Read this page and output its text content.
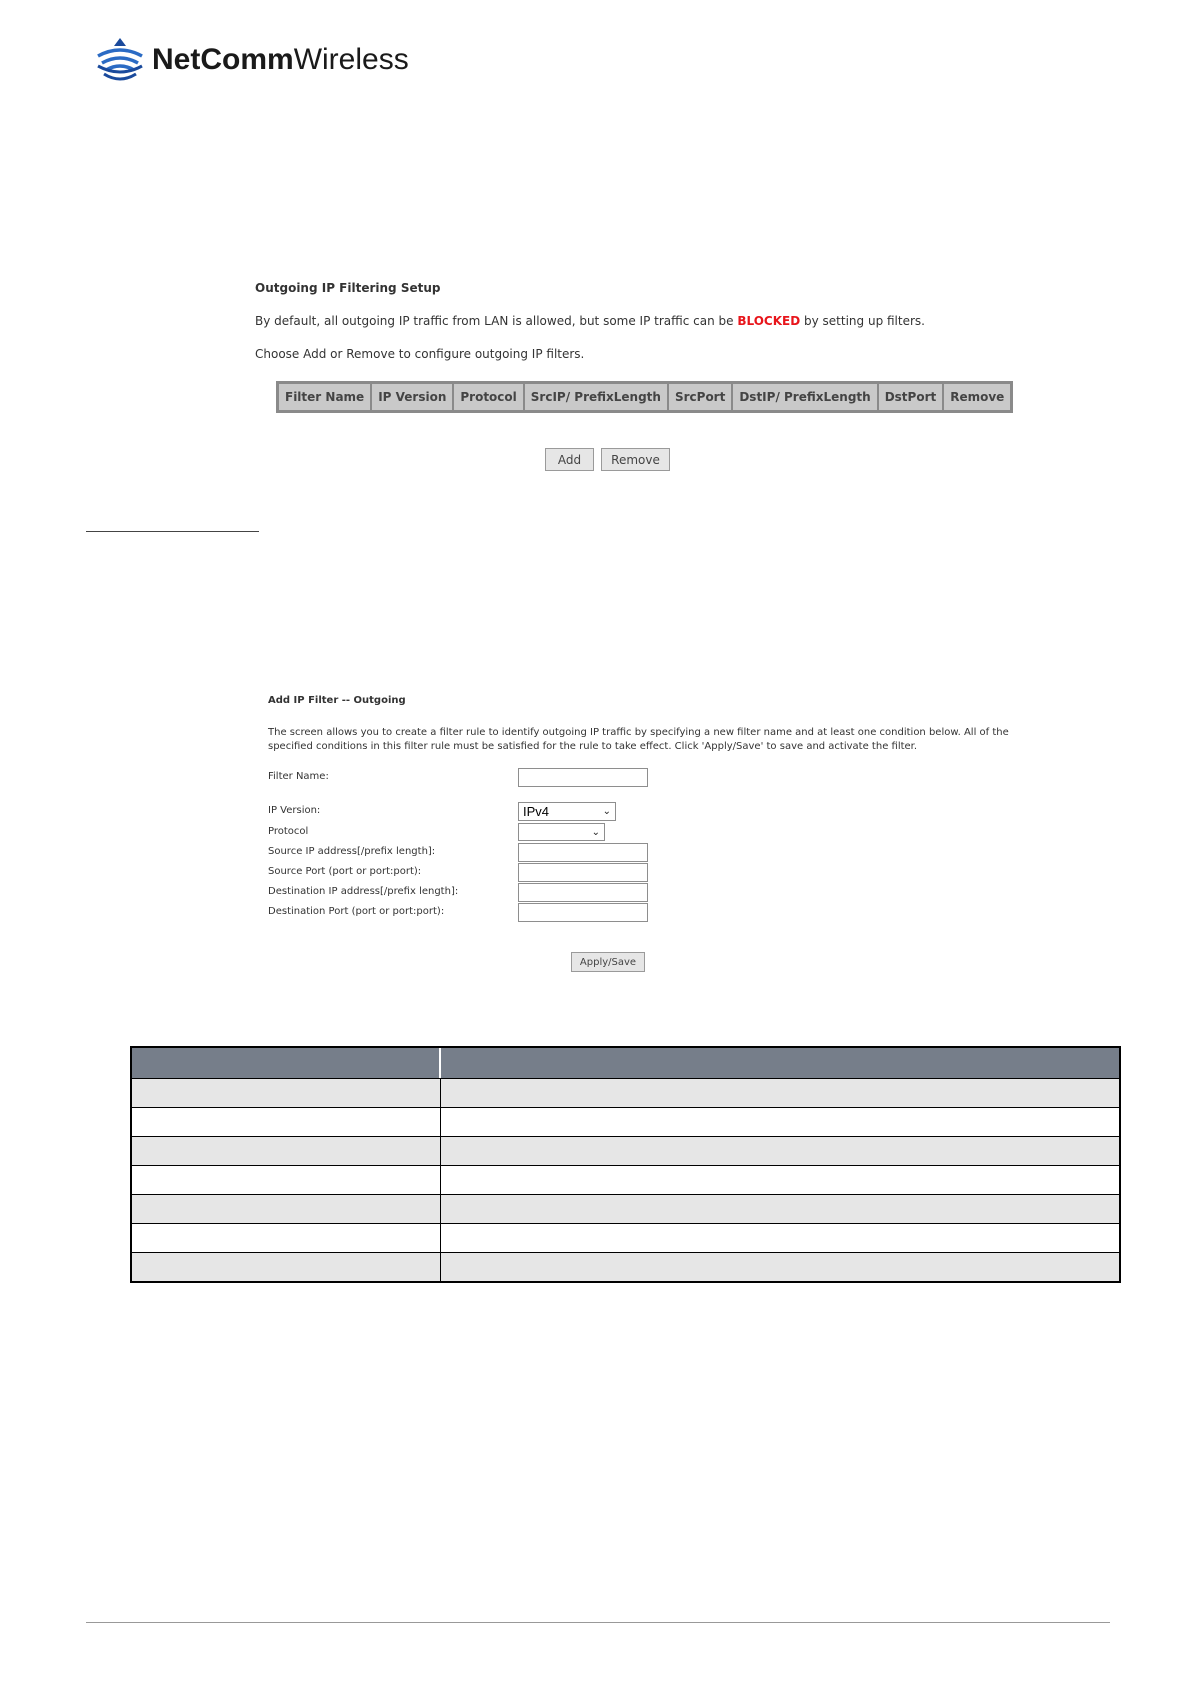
NetCommWireless
Outgoing IP Filtering Setup
By default, all outgoing IP traffic from LAN is allowed, but some IP traffic can be BLOCKED by setting up filters.
Choose Add or Remove to configure outgoing IP filters.
Filter Name	IP Version	Protocol	SrcIP/ PrefixLength	SrcPort	DstIP/ PrefixLength	DstPort	Remove
Add	Remove
Add IP Filter -- Outgoing
The screen allows you to create a filter rule to identify outgoing IP traffic by specifying a new filter name and at least one condition below. All of the
specified conditions in this filter rule must be satisfied for the rule to take effect. Click 'Apply/Save' to save and activate the filter.
Filter Name:
IP Version:	IPv4	⌄
Protocol	⌄
Source IP address[/prefix length]:
Source Port (port or port:port):
Destination IP address[/prefix length]:
Destination Port (port or port:port):
Apply/Save
